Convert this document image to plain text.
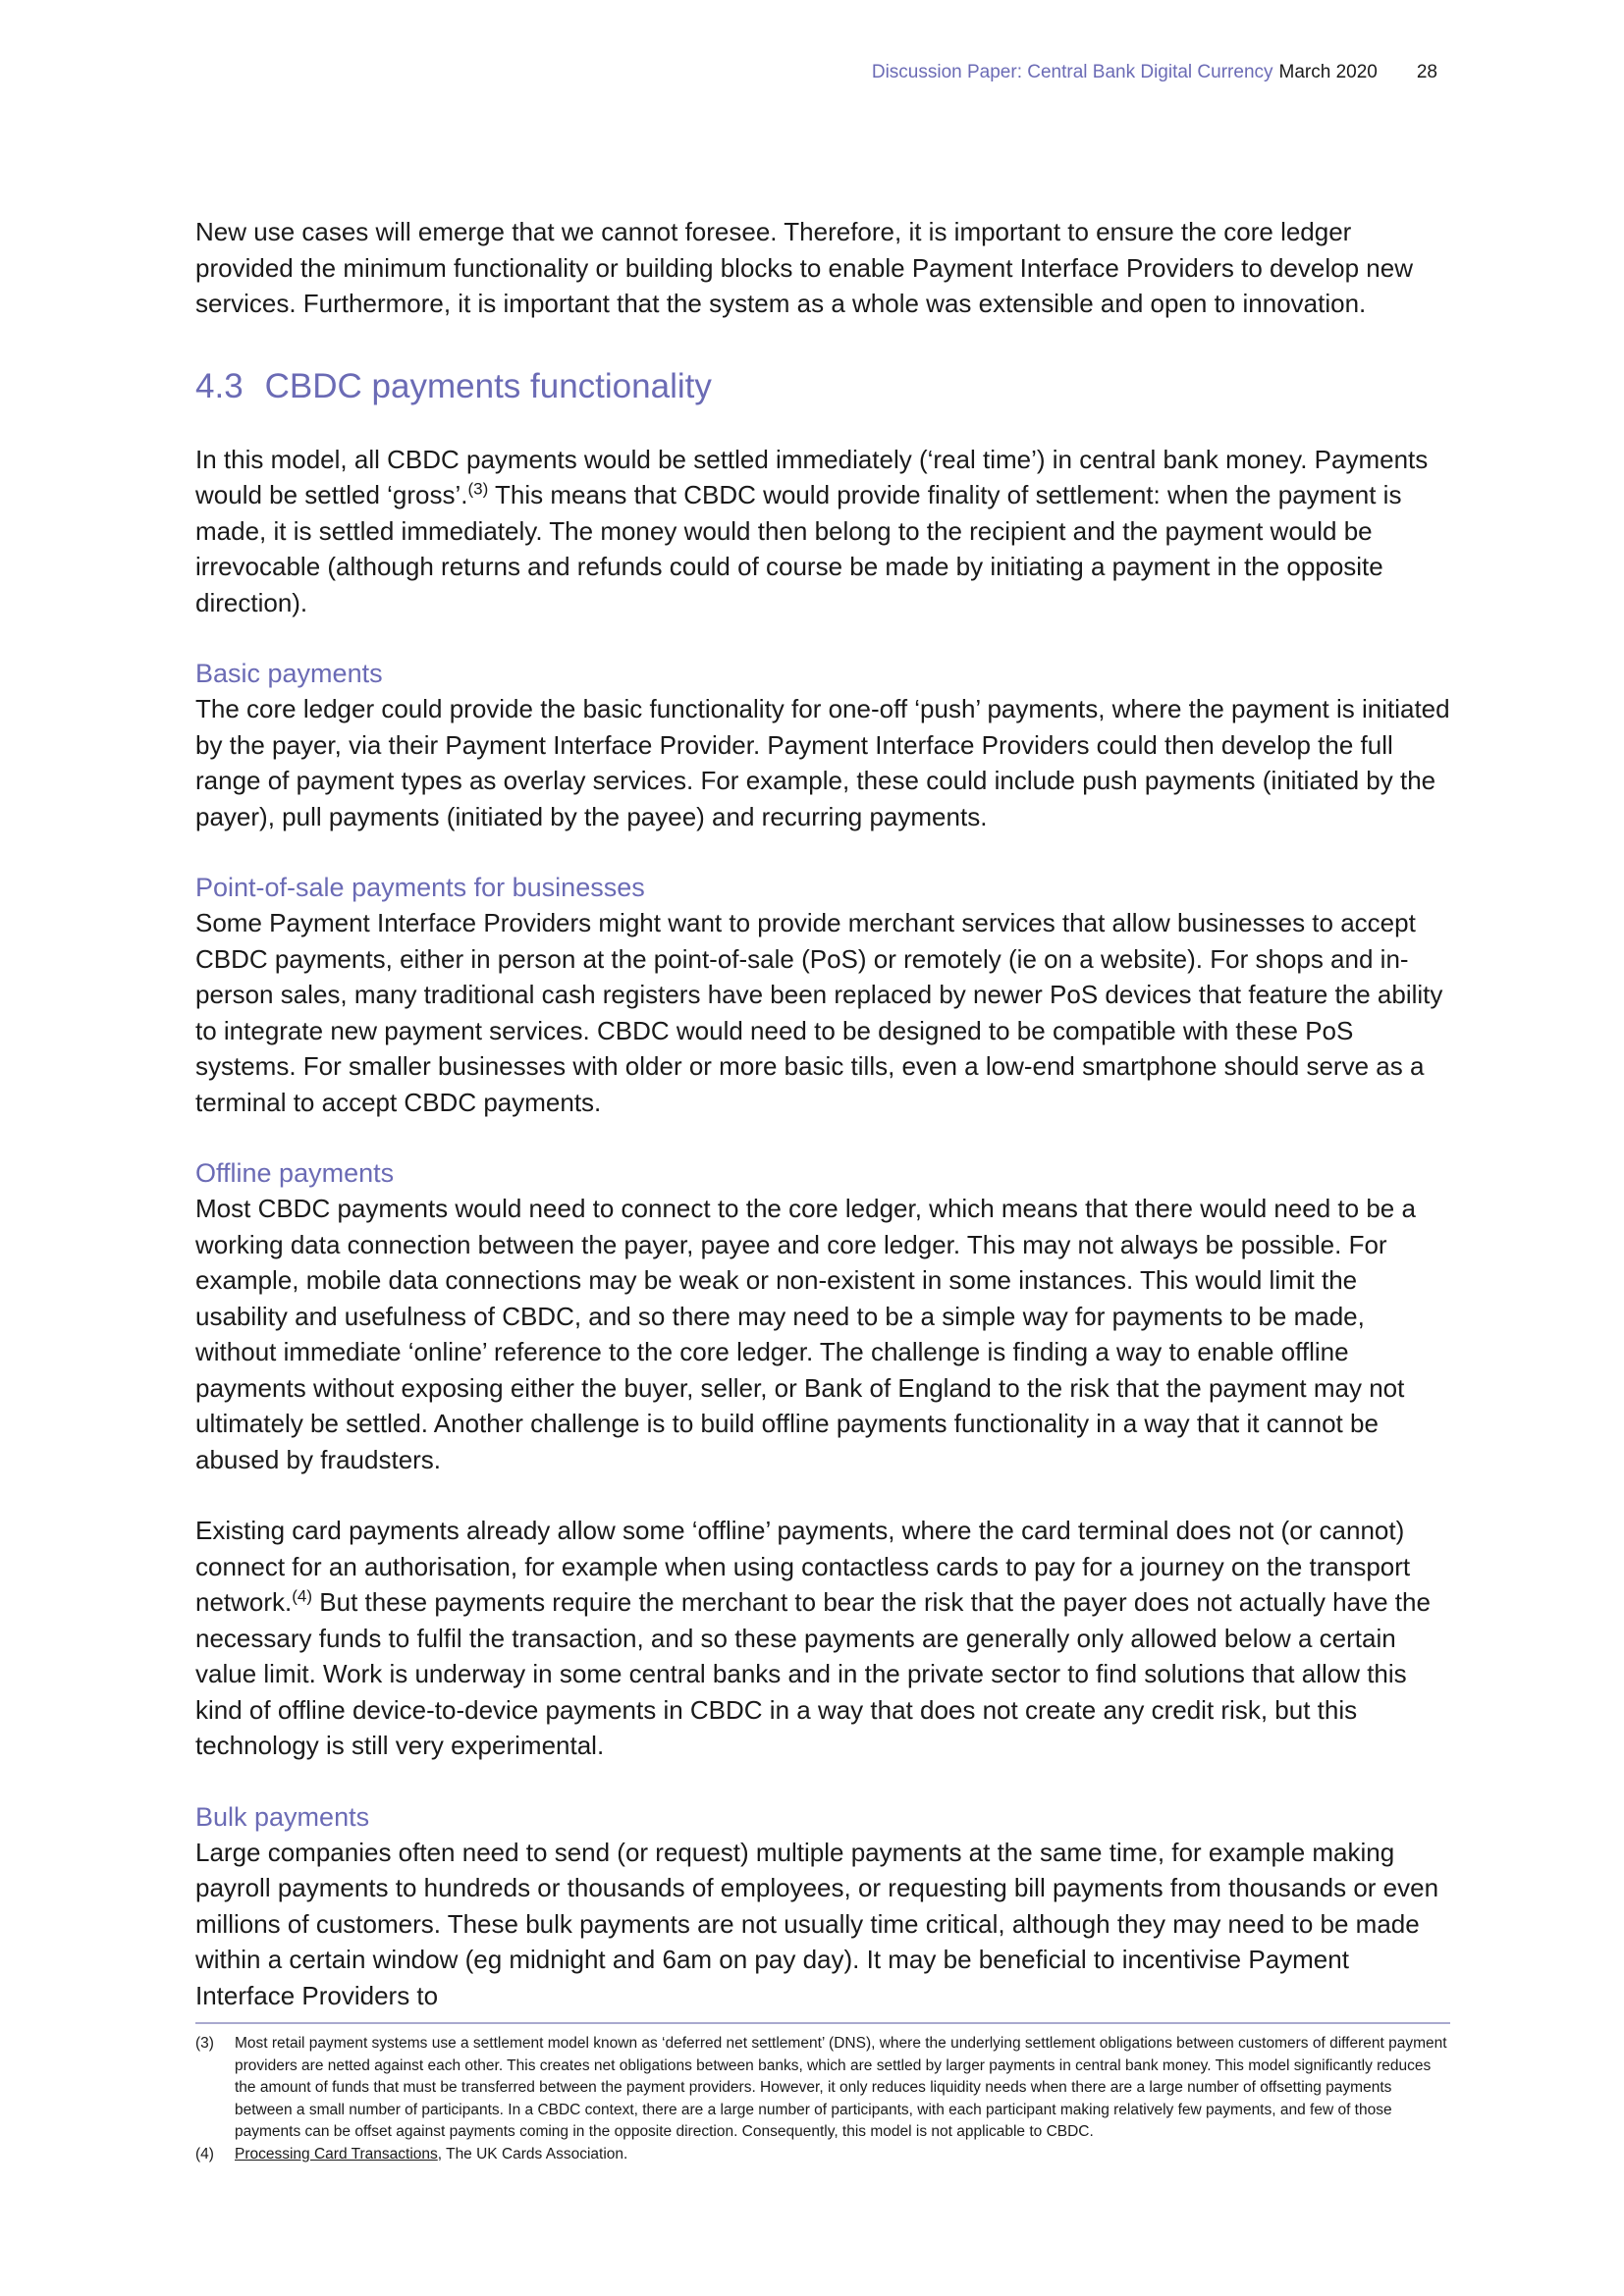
Discussion Paper: Central Bank Digital Currency March 2020 28

New use cases will emerge that we cannot foresee. Therefore, it is important to ensure the core ledger provided the minimum functionality or building blocks to enable Payment Interface Providers to develop new services. Furthermore, it is important that the system as a whole was extensible and open to innovation.

4.3 CBDC payments functionality

In this model, all CBDC payments would be settled immediately (‘real time’) in central bank money. Payments would be settled ‘gross’.$^{(3)}$ This means that CBDC would provide finality of settlement: when the payment is made, it is settled immediately. The money would then belong to the recipient and the payment would be irrevocable (although returns and refunds could of course be made by initiating a payment in the opposite direction).

Basic payments

The core ledger could provide the basic functionality for one-off ‘push’ payments, where the payment is initiated by the payer, via their Payment Interface Provider. Payment Interface Providers could then develop the full range of payment types as overlay services. For example, these could include push payments (initiated by the payer), pull payments (initiated by the payee) and recurring payments.

Point-of-sale payments for businesses

Some Payment Interface Providers might want to provide merchant services that allow businesses to accept CBDC payments, either in person at the point-of-sale (PoS) or remotely (ie on a website). For shops and in-person sales, many traditional cash registers have been replaced by newer PoS devices that feature the ability to integrate new payment services. CBDC would need to be designed to be compatible with these PoS systems. For smaller businesses with older or more basic tills, even a low-end smartphone should serve as a terminal to accept CBDC payments.

Offline payments

Most CBDC payments would need to connect to the core ledger, which means that there would need to be a working data connection between the payer, payee and core ledger. This may not always be possible. For example, mobile data connections may be weak or non-existent in some instances. This would limit the usability and usefulness of CBDC, and so there may need to be a simple way for payments to be made, without immediate ‘online’ reference to the core ledger. The challenge is finding a way to enable offline payments without exposing either the buyer, seller, or Bank of England to the risk that the payment may not ultimately be settled. Another challenge is to build offline payments functionality in a way that it cannot be abused by fraudsters.

Existing card payments already allow some ‘offline’ payments, where the card terminal does not (or cannot) connect for an authorisation, for example when using contactless cards to pay for a journey on the transport network.$^{(4)}$ But these payments require the merchant to bear the risk that the payer does not actually have the necessary funds to fulfil the transaction, and so these payments are generally only allowed below a certain value limit. Work is underway in some central banks and in the private sector to find solutions that allow this kind of offline device-to-device payments in CBDC in a way that does not create any credit risk, but this technology is still very experimental.

Bulk payments

Large companies often need to send (or request) multiple payments at the same time, for example making payroll payments to hundreds or thousands of employees, or requesting bill payments from thousands or even millions of customers. These bulk payments are not usually time critical, although they may need to be made within a certain window (eg midnight and 6am on pay day). It may be beneficial to incentivise Payment Interface Providers to

(3) Most retail payment systems use a settlement model known as ‘deferred net settlement’ (DNS), where the underlying settlement obligations between customers of different payment providers are netted against each other. This creates net obligations between banks, which are settled by larger payments in central bank money. This model significantly reduces the amount of funds that must be transferred between the payment providers. However, it only reduces liquidity needs when there are a large number of offsetting payments between a small number of participants. In a CBDC context, there are a large number of participants, with each participant making relatively few payments, and few of those payments can be offset against payments coming in the opposite direction. Consequently, this model is not applicable to CBDC.
(4) Processing Card Transactions, The UK Cards Association.
